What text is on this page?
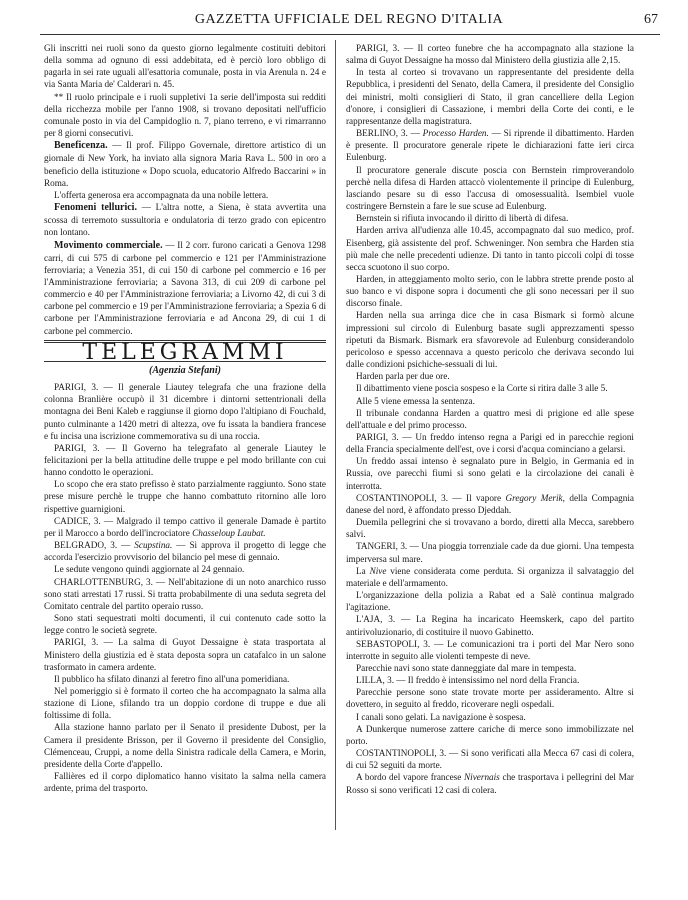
GAZZETTA UFFICIALE DEL REGNO D'ITALIA	67

Gli inscritti nei ruoli sono da questo giorno legalmente costituiti debitori della somma ad ognuno di essi addebitata, ed è perciò loro obbligo di pagarla in sei rate uguali all'esattoria comunale, posta in via Arenula n. 24 e via Santa Maria de' Calderari n. 45.

** Il ruolo principale e i ruoli suppletivi 1a serie dell'imposta sui redditi della ricchezza mobile per l'anno 1908, si trovano depositati nell'ufficio comunale posto in via del Campidoglio n. 7, piano terreno, e vi rimarranno per 8 giorni consecutivi.

Beneficenza. — Il prof. Filippo Governale, direttore artistico di un giornale di New York, ha inviato alla signora Maria Rava L. 500 in oro a beneficio della istituzione « Dopo scuola, educatorio Alfredo Baccarini » in Roma.

L'offerta generosa era accompagnata da una nobile lettera.

Fenomeni tellurici. — L'altra notte, a Siena, è stata avvertita una scossa di terremoto sussultoria e ondulatoria di terzo grado con epicentro non lontano.

Movimento commerciale. — Il 2 corr. furono caricati a Genova 1298 carri, di cui 575 di carbone pel commercio e 121 per l'Amministrazione ferroviaria; a Venezia 351, di cui 150 di carbone pel commercio e 16 per l'Amministrazione ferroviaria; a Savona 313, di cui 209 di carbone pel commercio e 40 per l'Amministrazione ferroviaria; a Livorno 42, di cui 3 di carbone pel commercio e 19 per l'Amministrazione ferroviaria; a Spezia 6 di carbone per l'Amministrazione ferroviaria e ad Ancona 29, di cui 1 di carbone pel commercio.

TELEGRAMMI
(Agenzia Stefani)

PARIGI, 3. — Il generale Liautey telegrafa che una frazione della colonna Branlière occupò il 31 dicembre i dintorni settentrionali della montagna dei Beni Kaleb e raggiunse il giorno dopo l'altipiano di Fouchald, punto culminante a 1420 metri di altezza, ove fu issata la bandiera francese e fu incisa una iscrizione commemorativa su di una roccia.

PARIGI, 3. — Il Governo ha telegrafato al generale Liautey le felicitazioni per la bella attitudine delle truppe e pel modo brillante con cui hanno condotto le operazioni.

Lo scopo che era stato prefisso è stato parzialmente raggiunto. Sono state prese misure perchè le truppe che hanno combattuto ritornino alle loro rispettive guarnigioni.

CADICE, 3. — Malgrado il tempo cattivo il generale Damade è partito per il Marocco a bordo dell'incrociatore Chasseloup Laubat.

BELGRADO, 3. — Scupstina. — Si approva il progetto di legge che accorda l'esercizio provvisorio del bilancio pel mese di gennaio.

Le sedute vengono quindi aggiornate al 24 gennaio.

CHARLOTTENBURG, 3. — Nell'abitazione di un noto anarchico russo sono stati arrestati 17 russi. Si tratta probabilmente di una seduta segreta del Comitato centrale del partito operaio russo.

Sono stati sequestrati molti documenti, il cui contenuto cade sotto la legge contro le società segrete.

PARIGI, 3. — La salma di Guyot Dessaigne è stata trasportata al Ministero della giustizia ed è stata deposta sopra un catafalco in un salone trasformato in camera ardente.

Il pubblico ha sfilato dinanzi al feretro fino all'una pomeridiana.

Nel pomeriggio si è formato il corteo che ha accompagnato la salma alla stazione di Lione, sfilando tra un doppio cordone di truppe e due ali foltissime di folla.

Alla stazione hanno parlato per il Senato il presidente Dubost, per la Camera il presidente Brisson, per il Governo il presidente del Consiglio, Clémenceau, Cruppi, a nome della Sinistra radicale della Camera, e Morin, presidente della Corte d'appello.

Fallières ed il corpo diplomatico hanno visitato la salma nella camera ardente, prima del trasporto.

PARIGI, 3. — Il corteo funebre che ha accompagnato alla stazione la salma di Guyot Dessaigne ha mosso dal Ministero della giustizia alle 2,15.

In testa al corteo si trovavano un rappresentante del presidente della Repubblica, i presidenti del Senato, della Camera, il presidente del Consiglio dei ministri, molti consiglieri di Stato, il gran cancelliere della Legion d'onore, i consiglieri di Cassazione, i membri della Corte dei conti, e le rappresentanze della magistratura.

BERLINO, 3. — Processo Harden. — Si riprende il dibattimento. Harden è presente. Il procuratore generale ripete le dichiarazioni fatte ieri circa Eulenburg.

Il procuratore generale discute poscia con Bernstein rimproverandolo perchè nella difesa di Harden attaccò violentemente il principe di Eulenburg, lasciando pesare su di esso l'accusa di omosessualità. Isembiel vuole costringere Bernstein a fare le sue scuse ad Eulenburg.

Bernstein si rifiuta invocando il diritto di libertà di difesa.

Harden arriva all'udienza alle 10.45, accompagnato dal suo medico, prof. Eisenberg, già assistente del prof. Schweninger. Non sembra che Harden stia più male che nelle precedenti udienze. Di tanto in tanto piccoli colpi di tosse secca scuotono il suo corpo.

Harden, in atteggiamento molto serio, con le labbra strette prende posto al suo banco e vi dispone sopra i documenti che gli sono necessari per il suo discorso finale.

Harden nella sua arringa dice che in casa Bismark si formò alcune impressioni sul circolo di Eulenburg basate sugli apprezzamenti spesso ripetuti da Bismark. Bismark era sfavorevole ad Eulenburg considerandolo pericoloso e spesso accennava a questo pericolo che derivava secondo lui dalle condizioni psichiche-sessuali di lui.

Harden parla per due ore.

Il dibattimento viene poscia sospeso e la Corte si ritira dalle 3 alle 5.

Alle 5 viene emessa la sentenza.

Il tribunale condanna Harden a quattro mesi di prigione ed alle spese dell'attuale e del primo processo.

PARIGI, 3. — Un freddo intenso regna a Parigi ed in parecchie regioni della Francia specialmente dell'est, ove i corsi d'acqua cominciano a gelarsi.

Un freddo assai intenso è segnalato pure in Belgio, in Germania ed in Russia, ove parecchi fiumi si sono gelati e la circolazione dei canali è interrotta.

COSTANTINOPOLI, 3. — Il vapore Gregory Merik, della Compagnia danese del nord, è affondato presso Djeddah.

Duemila pellegrini che si trovavano a bordo, diretti alla Mecca, sarebbero salvi.

TANGERI, 3. — Una pioggia torrenziale cade da due giorni. Una tempesta imperversa sul mare.

La Nive viene considerata come perduta. Si organizza il salvataggio del materiale e dell'armamento.

L'organizzazione della polizia a Rabat ed a Salè continua malgrado l'agitazione.

L'AJA, 3. — La Regina ha incaricato Heemskerk, capo del partito antirivoluzionario, di costituire il nuovo Gabinetto.

SEBASTOPOLI, 3. — Le comunicazioni tra i porti del Mar Nero sono interrotte in seguito alle violenti tempeste di neve.

Parecchie navi sono state danneggiate dal mare in tempesta.

LILLA, 3. — Il freddo è intensissimo nel nord della Francia.

Parecchie persone sono state trovate morte per assideramento. Altre si dovettero, in seguito al freddo, ricoverare negli ospedali.

I canali sono gelati. La navigazione è sospesa.

A Dunkerque numerose zattere cariche di merce sono immobilizzate nel porto.

COSTANTINOPOLI, 3. — Si sono verificati alla Mecca 67 casi di colera, di cui 52 seguiti da morte.

A bordo del vapore francese Nivernais che trasportava i pellegrini del Mar Rosso si sono verificati 12 casi di colera.
